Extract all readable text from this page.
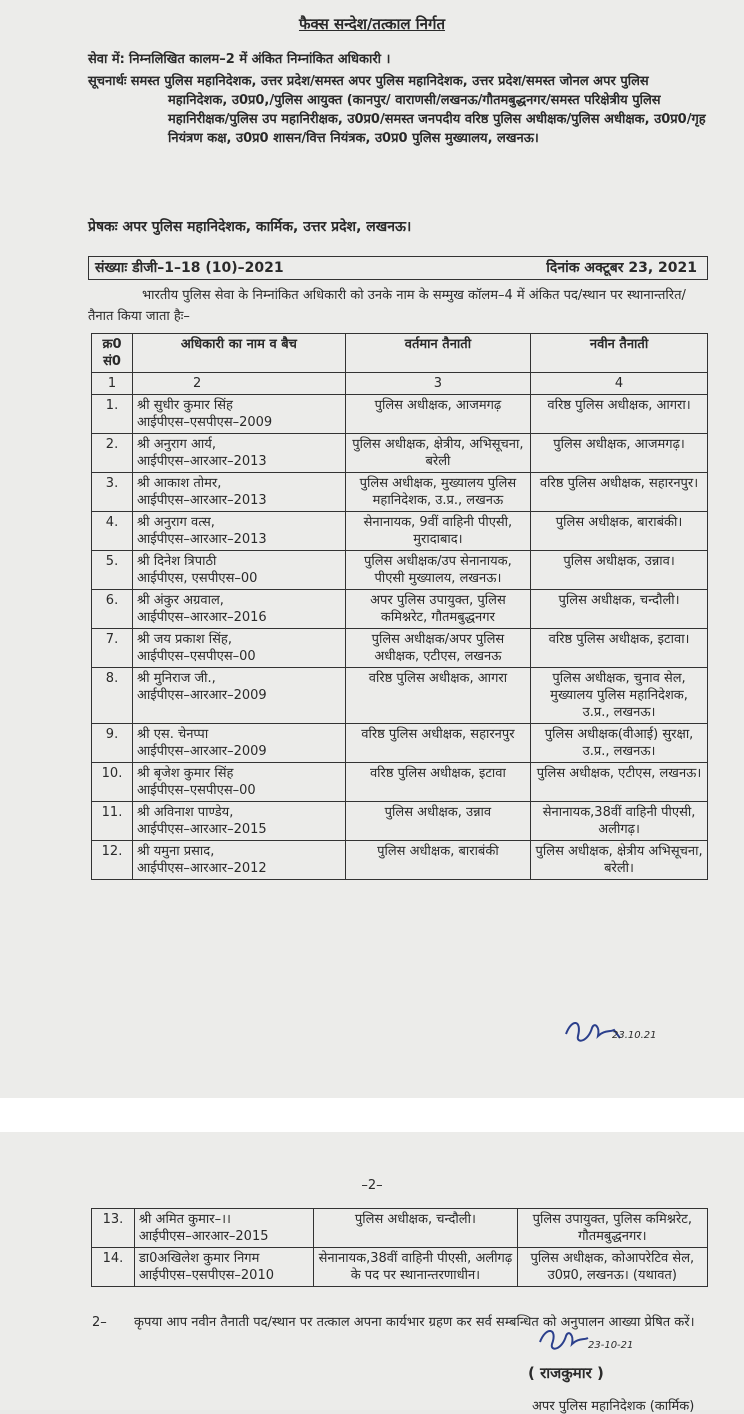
फैक्स सन्देश/तत्काल निर्गत
सेवा में: निम्नलिखित कालम–2 में अंकित निम्नांकित अधिकारी ।
सूचनार्थः समस्त पुलिस महानिदेशक, उत्तर प्रदेश/समस्त अपर पुलिस महानिदेशक, उत्तर प्रदेश/समस्त जोनल अपर पुलिस महानिदेशक, उ0प्र0,/पुलिस आयुक्त (कानपुर/ वाराणसी/लखनऊ/गौतमबुद्धनगर/समस्त परिक्षेत्रीय पुलिस महानिरीक्षक/पुलिस उप महानिरीक्षक, उ0प्र0/समस्त जनपदीय वरिष्ठ पुलिस अधीक्षक/पुलिस अधीक्षक, उ0प्र0/गृह नियंत्रण कक्ष, उ0प्र0 शासन/वित्त नियंत्रक, उ0प्र0 पुलिस मुख्यालय, लखनऊ।
प्रेषकः अपर पुलिस महानिदेशक, कार्मिक, उत्तर प्रदेश, लखनऊ।
संख्याः डीजी–1–18 (10)–2021	दिनांक अक्टूबर 23, 2021
भारतीय पुलिस सेवा के निम्नांकित अधिकारी को उनके नाम के सम्मुख कॉलम–4 में अंकित पद/स्थान पर स्थानान्तरित/तैनात किया जाता हैः–
क्र0 सं0	अधिकारी का नाम व बैच	वर्तमान तैनाती	नवीन तैनाती
1	2	3	4
1.	श्री सुधीर कुमार सिंह
आईपीएस–एसपीएस–2009	पुलिस अधीक्षक, आजमगढ़	वरिष्ठ पुलिस अधीक्षक, आगरा।
2.	श्री अनुराग आर्य,
आईपीएस–आरआर–2013	पुलिस अधीक्षक, क्षेत्रीय, अभिसूचना, बरेली	पुलिस अधीक्षक, आजमगढ़।
3.	श्री आकाश तोमर,
आईपीएस–आरआर–2013	पुलिस अधीक्षक, मुख्यालय पुलिस महानिदेशक, उ.प्र., लखनऊ	वरिष्ठ पुलिस अधीक्षक, सहारनपुर।
4.	श्री अनुराग वत्स,
आईपीएस–आरआर–2013	सेनानायक, 9वीं वाहिनी पीएसी, मुरादाबाद।	पुलिस अधीक्षक, बाराबंकी।
5.	श्री दिनेश त्रिपाठी
आईपीएस, एसपीएस–00	पुलिस अधीक्षक/उप सेनानायक, पीएसी मुख्यालय, लखनऊ।	पुलिस अधीक्षक, उन्नाव।
6.	श्री अंकुर अग्रवाल,
आईपीएस–आरआर–2016	अपर पुलिस उपायुक्त, पुलिस कमिश्नरेट, गौतमबुद्धनगर	पुलिस अधीक्षक, चन्दौली।
7.	श्री जय प्रकाश सिंह,
आईपीएस–एसपीएस–00	पुलिस अधीक्षक/अपर पुलिस अधीक्षक, एटीएस, लखनऊ	वरिष्ठ पुलिस अधीक्षक, इटावा।
8.	श्री मुनिराज जी.,
आईपीएस–आरआर–2009	वरिष्ठ पुलिस अधीक्षक, आगरा	पुलिस अधीक्षक, चुनाव सेल, मुख्यालय पुलिस महानिदेशक, उ.प्र., लखनऊ।
9.	श्री एस. चेनप्पा
आईपीएस–आरआर–2009	वरिष्ठ पुलिस अधीक्षक, सहारनपुर	पुलिस अधीक्षक(वीआई) सुरक्षा, उ.प्र., लखनऊ।
10.	श्री बृजेश कुमार सिंह
आईपीएस–एसपीएस–00	वरिष्ठ पुलिस अधीक्षक, इटावा	पुलिस अधीक्षक, एटीएस, लखनऊ।
11.	श्री अविनाश पाण्डेय,
आईपीएस–आरआर–2015	पुलिस अधीक्षक, उन्नाव	सेनानायक,38वीं वाहिनी पीएसी, अलीगढ़।
12.	श्री यमुना प्रसाद,
आईपीएस–आरआर–2012	पुलिस अधीक्षक, बाराबंकी	पुलिस अधीक्षक, क्षेत्रीय अभिसूचना, बरेली।
23.10.21
–2–
13.	श्री अमित कुमार–।।
आईपीएस–आरआर–2015	पुलिस अधीक्षक, चन्दौली।	पुलिस उपायुक्त, पुलिस कमिश्नरेट, गौतमबुद्धनगर।
14.	डा0अखिलेश कुमार निगम
आईपीएस–एसपीएस–2010	सेनानायक,38वीं वाहिनी पीएसी, अलीगढ़ के पद पर स्थानान्तरणाधीन।	पुलिस अधीक्षक, कोआपरेटिव सेल, उ0प्र0, लखनऊ। (यथावत)
2– कृपया आप नवीन तैनाती पद/स्थान पर तत्काल अपना कार्यभार ग्रहण कर सर्व सम्बन्धित को अनुपालन आख्या प्रेषित करें।
23-10-21
( राजकुमार )
अपर पुलिस महानिदेशक (कार्मिक)
